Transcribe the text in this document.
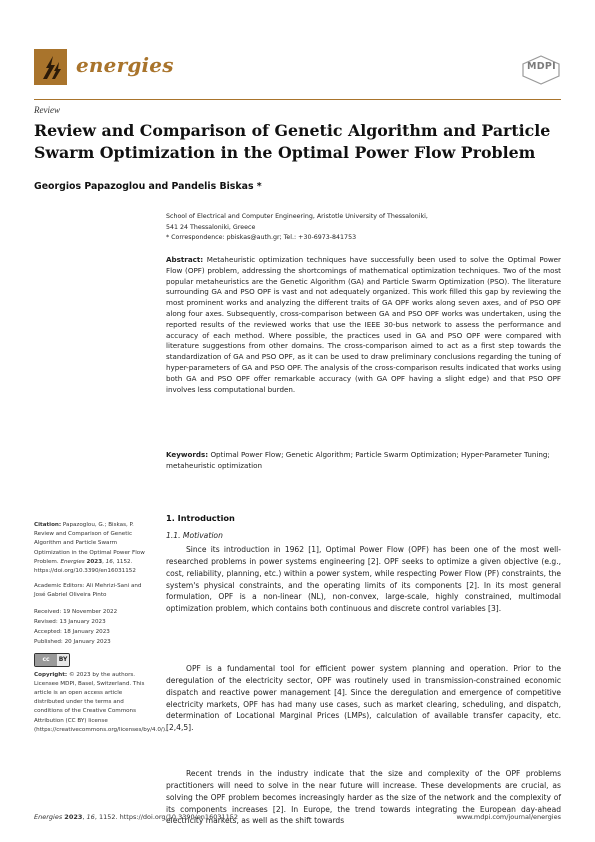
energies	MDPI
Review
Review and Comparison of Genetic Algorithm and Particle Swarm Optimization in the Optimal Power Flow Problem
Georgios Papazoglou and Pandelis Biskas *
School of Electrical and Computer Engineering, Aristotle University of Thessaloniki,
541 24 Thessaloniki, Greece
* Correspondence: pbiskas@auth.gr; Tel.: +30-6973-841753
Abstract: Metaheuristic optimization techniques have successfully been used to solve the Optimal Power Flow (OPF) problem, addressing the shortcomings of mathematical optimization techniques. Two of the most popular metaheuristics are the Genetic Algorithm (GA) and Particle Swarm Optimization (PSO). The literature surrounding GA and PSO OPF is vast and not adequately organized. This work filled this gap by reviewing the most prominent works and analyzing the different traits of GA OPF works along seven axes, and of PSO OPF along four axes. Subsequently, cross-comparison between GA and PSO OPF works was undertaken, using the reported results of the reviewed works that use the IEEE 30-bus network to assess the performance and accuracy of each method. Where possible, the practices used in GA and PSO OPF were compared with literature suggestions from other domains. The cross-comparison aimed to act as a first step towards the standardization of GA and PSO OPF, as it can be used to draw preliminary conclusions regarding the tuning of hyper-parameters of GA and PSO OPF. The analysis of the cross-comparison results indicated that works using both GA and PSO OPF offer remarkable accuracy (with GA OPF having a slight edge) and that PSO OPF involves less computational burden.
Keywords: Optimal Power Flow; Genetic Algorithm; Particle Swarm Optimization; Hyper-Parameter Tuning; metaheuristic optimization
Citation: Papazoglou, G.; Biskas, P. Review and Comparison of Genetic Algorithm and Particle Swarm Optimization in the Optimal Power Flow Problem. Energies 2023, 16, 1152. https://doi.org/10.3390/en16031152
Academic Editors: Ali Mehrizi-Sani and José Gabriel Oliveira Pinto
Received: 19 November 2022
Revised: 13 January 2023
Accepted: 18 January 2023
Published: 20 January 2023
cc	BY
Copyright: © 2023 by the authors. Licensee MDPI, Basel, Switzerland. This article is an open access article distributed under the terms and conditions of the Creative Commons Attribution (CC BY) license (https://creativecommons.org/licenses/by/4.0/).
1. Introduction
1.1. Motivation
Since its introduction in 1962 [1], Optimal Power Flow (OPF) has been one of the most well-researched problems in power systems engineering [2]. OPF seeks to optimize a given objective (e.g., cost, reliability, planning, etc.) within a power system, while respecting Power Flow (PF) constraints, the system's physical constraints, and the operating limits of its components [2]. In its most general formulation, OPF is a non-linear (NL), non-convex, large-scale, highly constrained, multimodal optimization problem, which contains both continuous and discrete control variables [3].
OPF is a fundamental tool for efficient power system planning and operation. Prior to the deregulation of the electricity sector, OPF was routinely used in transmission-constrained economic dispatch and reactive power management [4]. Since the deregulation and emergence of competitive electricity markets, OPF has had many use cases, such as market clearing, scheduling, and dispatch, determination of Locational Marginal Prices (LMPs), calculation of available transfer capacity, etc. [2,4,5].
Recent trends in the industry indicate that the size and complexity of the OPF problems practitioners will need to solve in the near future will increase. These developments are crucial, as solving the OPF problem becomes increasingly harder as the size of the network and the complexity of its components increases [2]. In Europe, the trend towards integrating the European day-ahead electricity markets, as well as the shift towards
Energies 2023, 16, 1152. https://doi.org/10.3390/en16031152	www.mdpi.com/journal/energies
